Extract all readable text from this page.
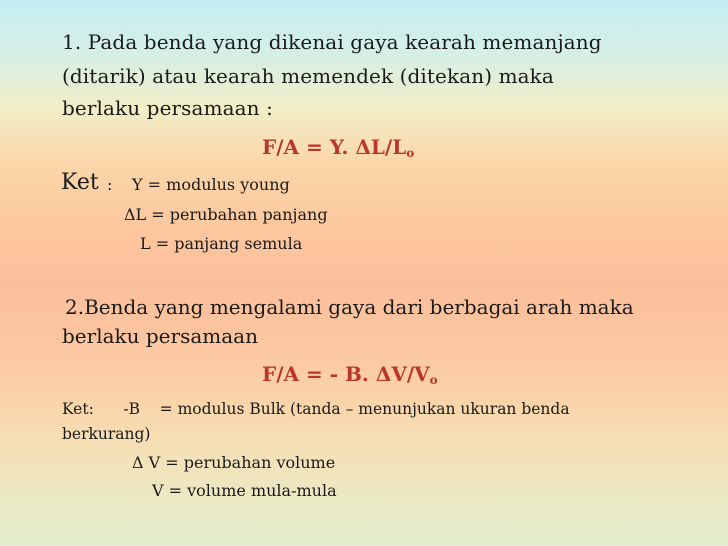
1. Pada benda yang dikenai gaya kearah memanjang
(ditarik) atau kearah memendek (ditekan) maka
berlaku persamaan :
F/A = Y. $\Delta L/L_o$
Ket : Y = modulus young
ΔL = perubahan panjang
L = panjang semula
2.Benda yang mengalami gaya dari berbagai arah maka
berlaku persamaan
F/A = - B. $\Delta V/V_o$
Ket:      -B    = modulus Bulk (tanda – menunjukan ukuran benda
berkurang)
Δ V = perubahan volume
V = volume mula-mula
